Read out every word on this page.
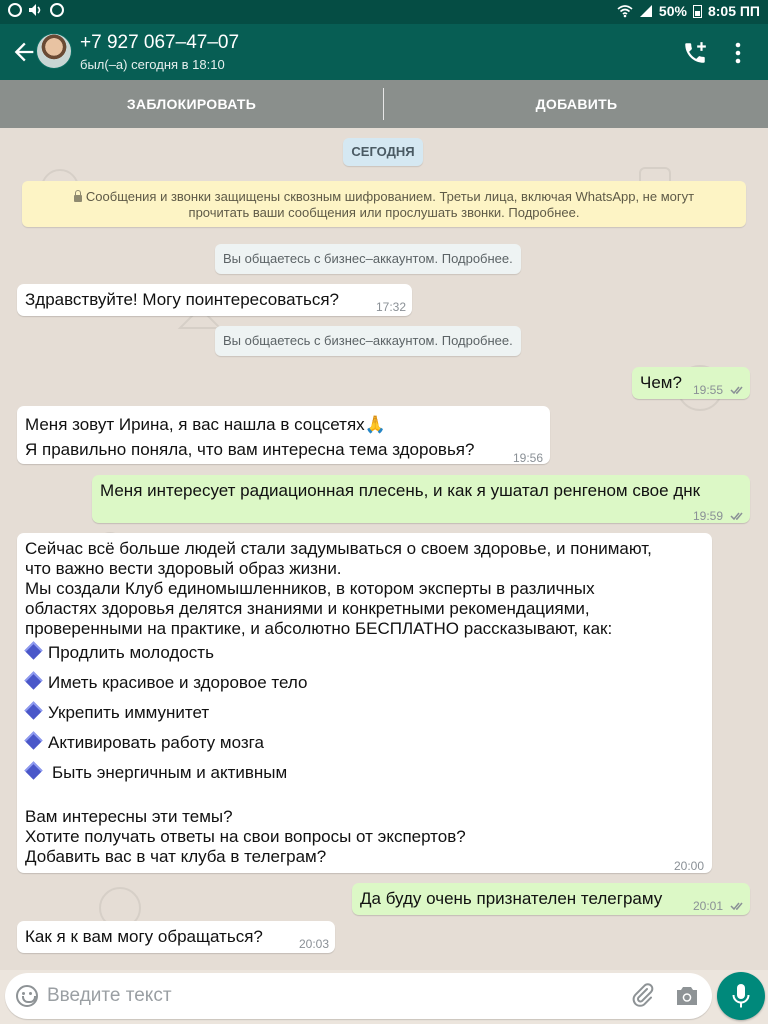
50% 8:05 ПП
+7 927 067–47–07
был(–а) сегодня в 18:10
ЗАБЛОКИРОВАТЬ	ДОБАВИТЬ
СЕГОДНЯ
Сообщения и звонки защищены сквозным шифрованием. Третьи лица, включая WhatsApp, не могут
прочитать ваши сообщения или прослушать звонки. Подробнее.
Вы общаетесь с бизнес–аккаунтом. Подробнее.
Здравствуйте! Могу поинтересоваться?	17:32
Вы общаетесь с бизнес–аккаунтом. Подробнее.
Чем? 19:55
Меня зовут Ирина, я вас нашла в соцсетях🙏
Я правильно поняла, что вам интересна тема здоровья?	19:56
Меня интересует радиационная плесень, и как я ушатал ренгеном свое днк
19:59
Сейчас всё больше людей стали задумываться о своем здоровье, и понимают,
что важно вести здоровый образ жизни.
Мы создали Клуб единомышленников, в котором эксперты в различных
областях здоровья делятся знаниями и конкретными рекомендациями,
проверенными на практике, и абсолютно БЕСПЛАТНО рассказывают, как:
Продлить молодость
Иметь красивое и здоровое тело
Укрепить иммунитет
Активировать работу мозга
Быть энергичным и активным
Вам интересны эти темы?
Хотите получать ответы на свои вопросы от экспертов?
Добавить вас в чат клуба в телеграм?	20:00
Да буду очень признателен телеграму	20:01
Как я к вам могу обращаться?	20:03
Введите текст
